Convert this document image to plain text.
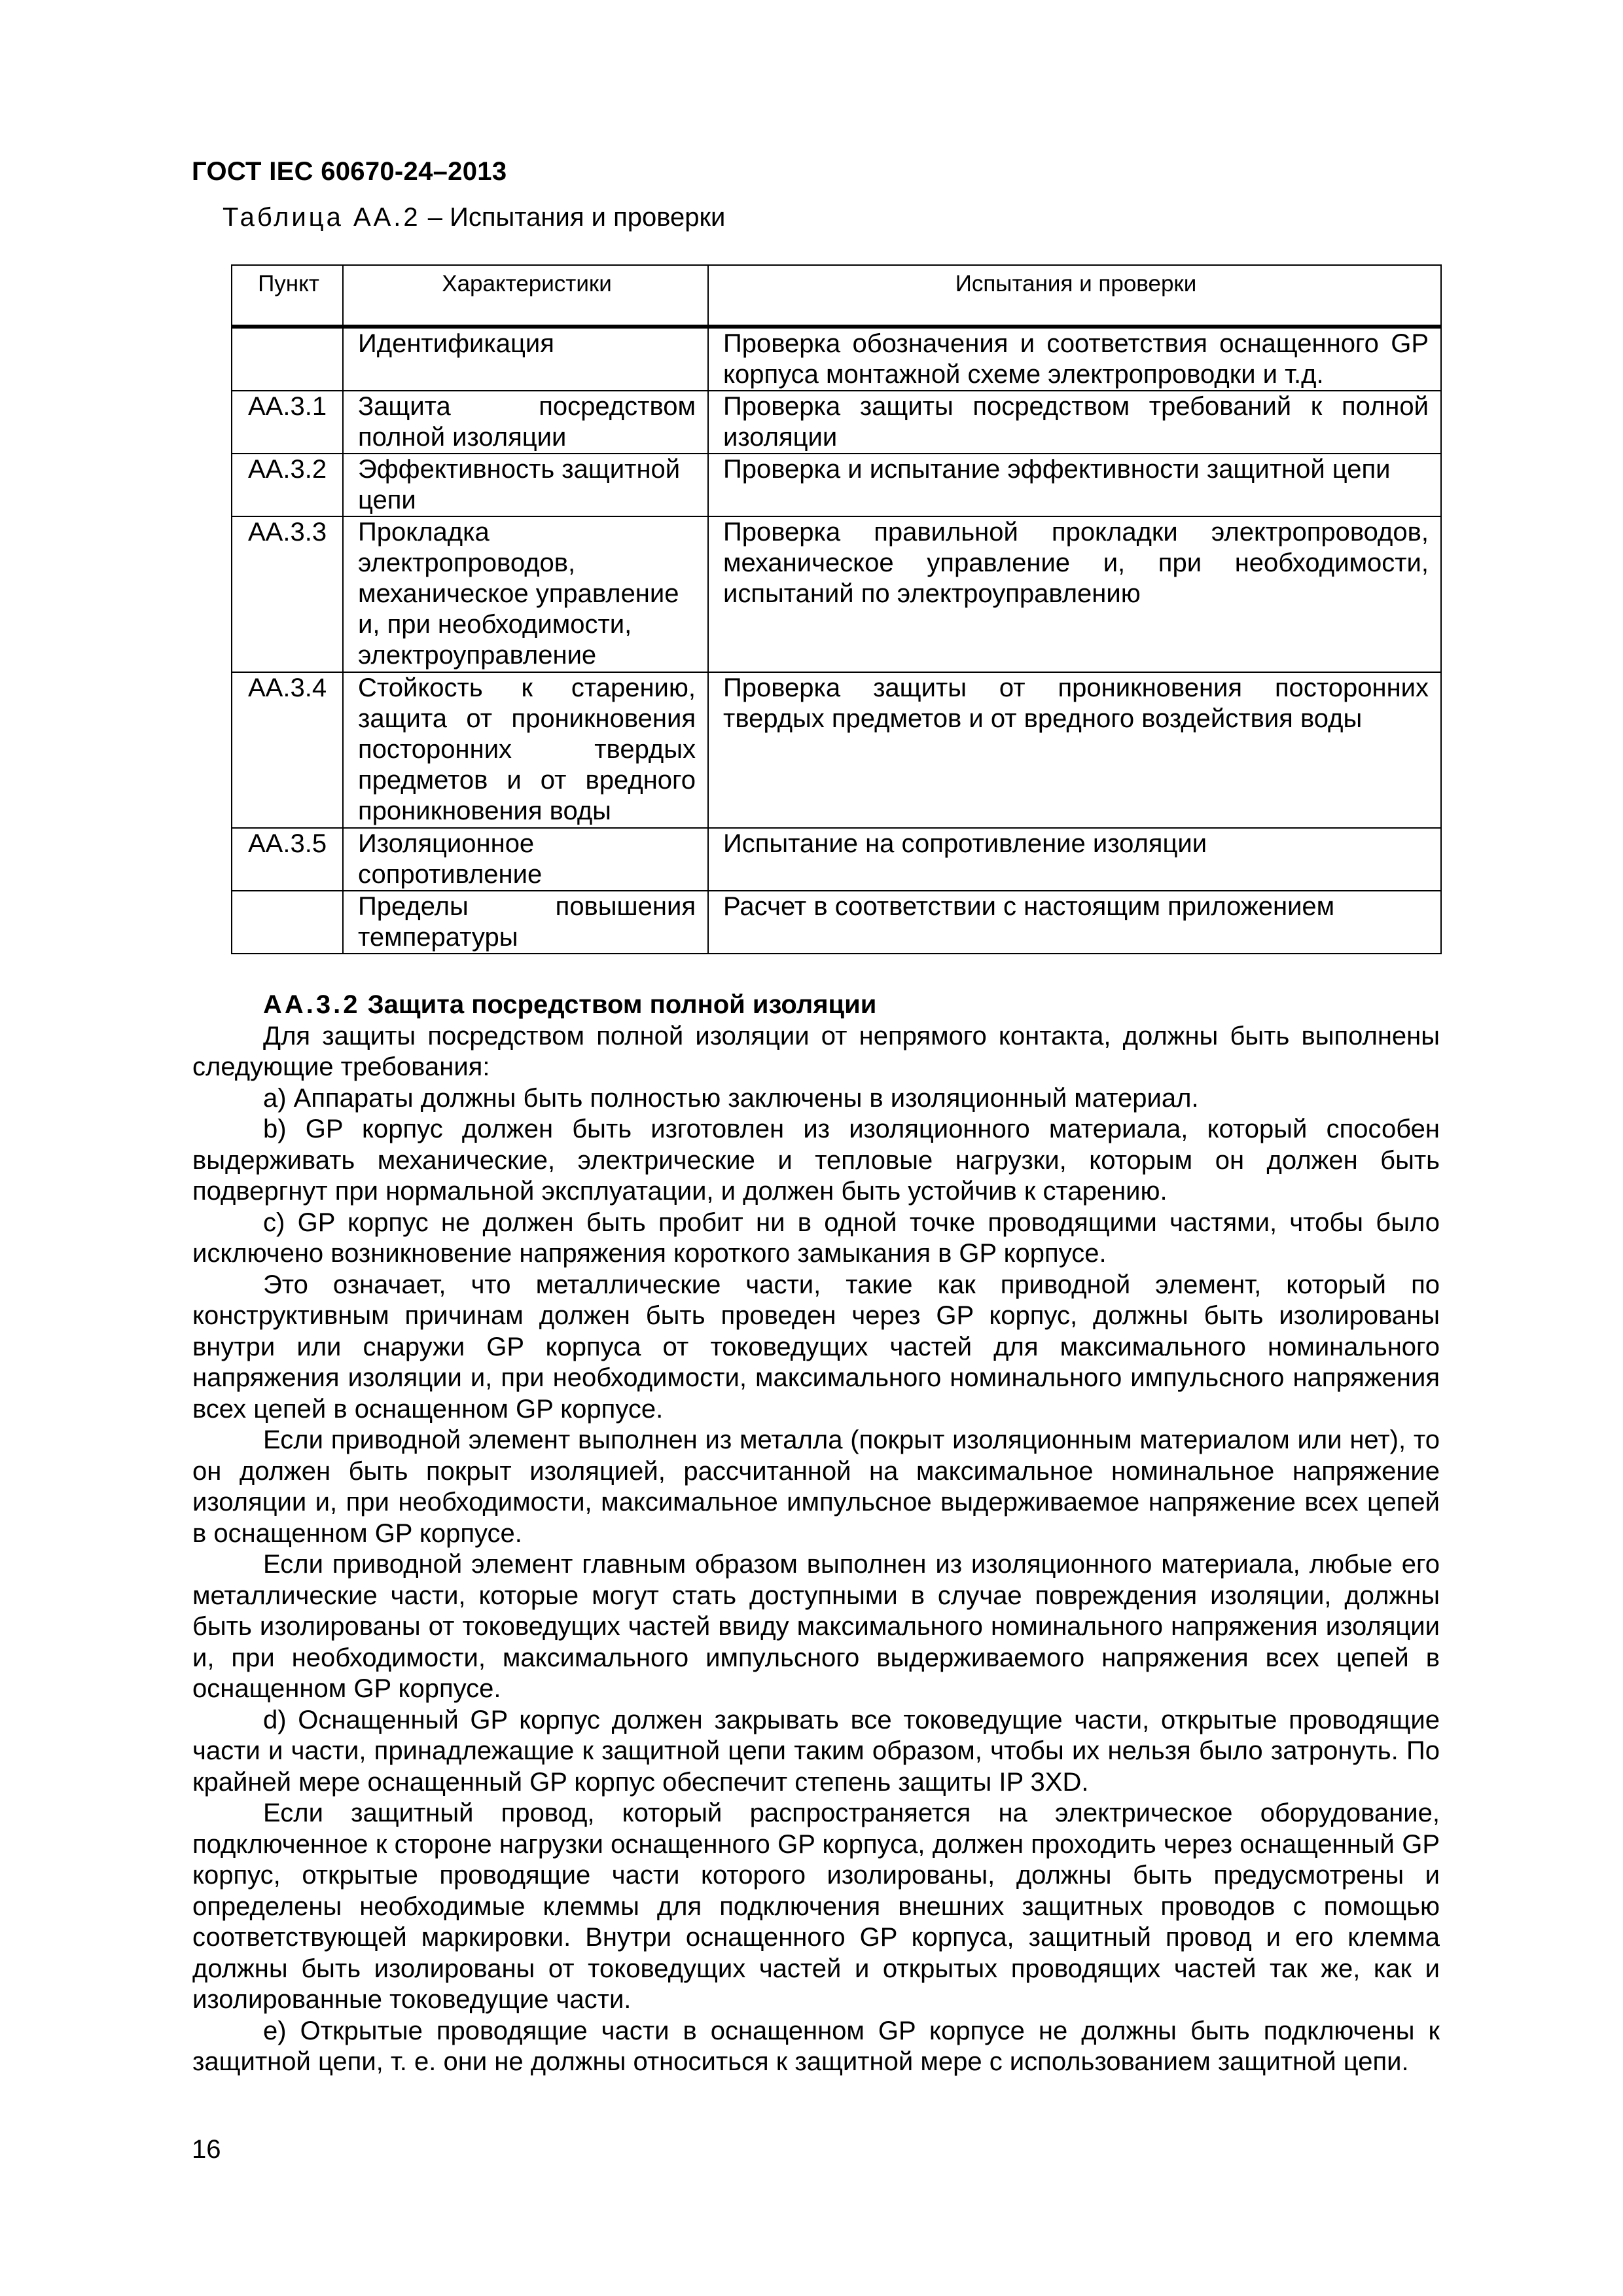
ГОСТ IEC 60670-24–2013
Таблица АА.2 – Испытания и проверки
Пункт	Характеристики	Испытания и проверки
	Идентификация	Проверка обозначения и соответствия оснащенного GP корпуса монтажной схеме электропроводки и т.д.
АА.3.1	Защита посредством полной изоляции	Проверка защиты посредством требований к полной изоляции
АА.3.2	Эффективность защитной цепи	Проверка и испытание эффективности защитной цепи
АА.3.3	Прокладка электропроводов, механическое управление и, при необходимости, электроуправление	Проверка правильной прокладки электропроводов, механическое управление и, при необходимости, испытаний по электроуправлению
АА.3.4	Стойкость к старению, защита от проникновения посторонних твердых предметов и от вредного проникновения воды	Проверка защиты от проникновения посторонних твердых предметов и от вредного воздействия воды
АА.3.5	Изоляционное сопротивление	Испытание на сопротивление изоляции
	Пределы повышения температуры	Расчет в соответствии с настоящим приложением

АА.3.2 Защита посредством полной изоляции

Для защиты посредством полной изоляции от непрямого контакта, должны быть выполнены следующие требования:

a) Аппараты должны быть полностью заключены в изоляционный материал.

b) GP корпус должен быть изготовлен из изоляционного материала, который способен выдерживать механические, электрические и тепловые нагрузки, которым он должен быть подвергнут при нормальной эксплуатации, и должен быть устойчив к старению.

c) GP корпус не должен быть пробит ни в одной точке проводящими частями, чтобы было исключено возникновение напряжения короткого замыкания в GP корпусе.

Это означает, что металлические части, такие как приводной элемент, который по конструктивным причинам должен быть проведен через GP корпус, должны быть изолированы внутри или снаружи GP корпуса от токоведущих частей для максимального номинального напряжения изоляции и, при необходимости, максимального номинального импульсного напряжения всех цепей в оснащенном GP корпусе.

Если приводной элемент выполнен из металла (покрыт изоляционным материалом или нет), то он должен быть покрыт изоляцией, рассчитанной на максимальное номинальное напряжение изоляции и, при необходимости, максимальное импульсное выдерживаемое напряжение всех цепей в оснащенном GP корпусе.

Если приводной элемент главным образом выполнен из изоляционного материала, любые его металлические части, которые могут стать доступными в случае повреждения изоляции, должны быть изолированы от токоведущих частей ввиду максимального номинального напряжения изоляции и, при необходимости, максимального импульсного выдерживаемого напряжения всех цепей в оснащенном GP корпусе.

d) Оснащенный GP корпус должен закрывать все токоведущие части, открытые проводящие части и части, принадлежащие к защитной цепи таким образом, чтобы их нельзя было затронуть. По крайней мере оснащенный GP корпус обеспечит степень защиты IP 3XD.

Если защитный провод, который распространяется на электрическое оборудование, подключенное к стороне нагрузки оснащенного GP корпуса, должен проходить через оснащенный GP корпус, открытые проводящие части которого изолированы, должны быть предусмотрены и определены необходимые клеммы для подключения внешних защитных проводов с помощью соответствующей маркировки. Внутри оснащенного GP корпуса, защитный провод и его клемма должны быть изолированы от токоведущих частей и открытых проводящих частей так же, как и изолированные токоведущие части.

e) Открытые проводящие части в оснащенном GP корпусе не должны быть подключены к защитной цепи, т. е. они не должны относиться к защитной мере с использованием защитной цепи.

16
